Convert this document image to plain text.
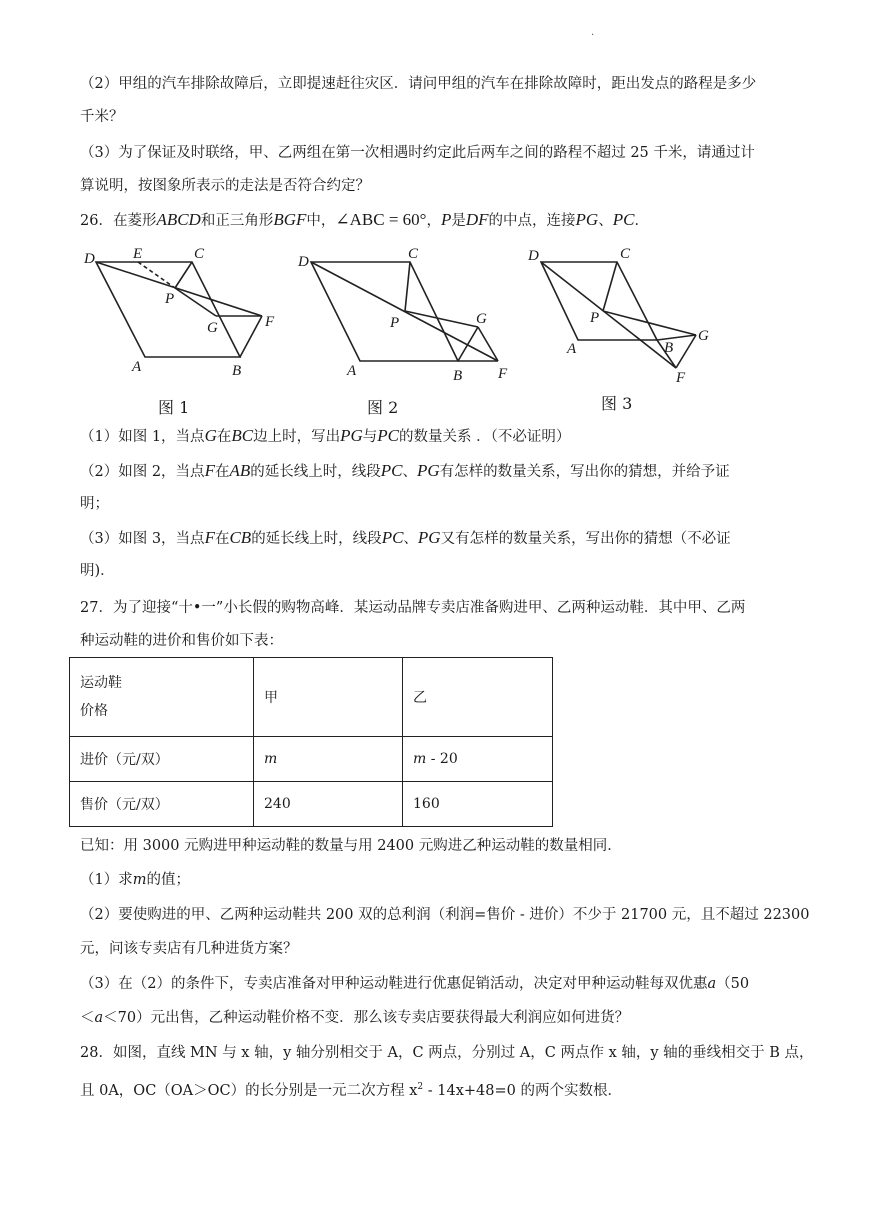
·
（2）甲组的汽车排除故障后，立即提速赶往灾区．请问甲组的汽车在排除故障时，距出发点的路程是多少
千米？
（3）为了保证及时联络，甲、乙两组在第一次相遇时约定此后两车之间的路程不超过 25 千米，请通过计
算说明，按图象所表示的走法是否符合约定？
26．在菱形ABCD和正三角形BGF中，∠ABC = 60°，P是DF的中点，连接PG、PC．
D	E	C
P
G	F
A	B
D	C
P	G
A	B F
D	C
P
G
A	B
F
图 1	图 2	图 3
（1）如图 1，当点G在BC边上时，写出PG与PC的数量关系 ．（不必证明）
（2）如图 2，当点F在AB的延长线上时，线段PC、PG有怎样的数量关系，写出你的猜想，并给予证
明；
（3）如图 3，当点F在CB的延长线上时，线段PC、PG又有怎样的数量关系，写出你的猜想（不必证
明)．
27．为了迎接“十•一”小长假的购物高峰．某运动品牌专卖店准备购进甲、乙两种运动鞋．其中甲、乙两
种运动鞋的进价和售价如下表：
运动鞋
价格	甲	乙
进价（元/双）	m	m - 20
售价（元/双）	240	160
已知：用 3000 元购进甲种运动鞋的数量与用 2400 元购进乙种运动鞋的数量相同．
（1）求m的值；
（2）要使购进的甲、乙两种运动鞋共 200 双的总利润（利润=售价 - 进价）不少于 21700 元，且不超过 22300
元，问该专卖店有几种进货方案？
（3）在（2）的条件下，专卖店准备对甲种运动鞋进行优惠促销活动，决定对甲种运动鞋每双优惠a（50
＜a＜70）元出售，乙种运动鞋价格不变．那么该专卖店要获得最大利润应如何进货？
28．如图，直线 MN 与 x 轴，y 轴分别相交于 A，C 两点，分别过 A，C 两点作 x 轴，y 轴的垂线相交于 B 点，
且 0A，OC（OA＞OC）的长分别是一元二次方程 $x^2 - 14x+48=0$ 的两个实数根．
